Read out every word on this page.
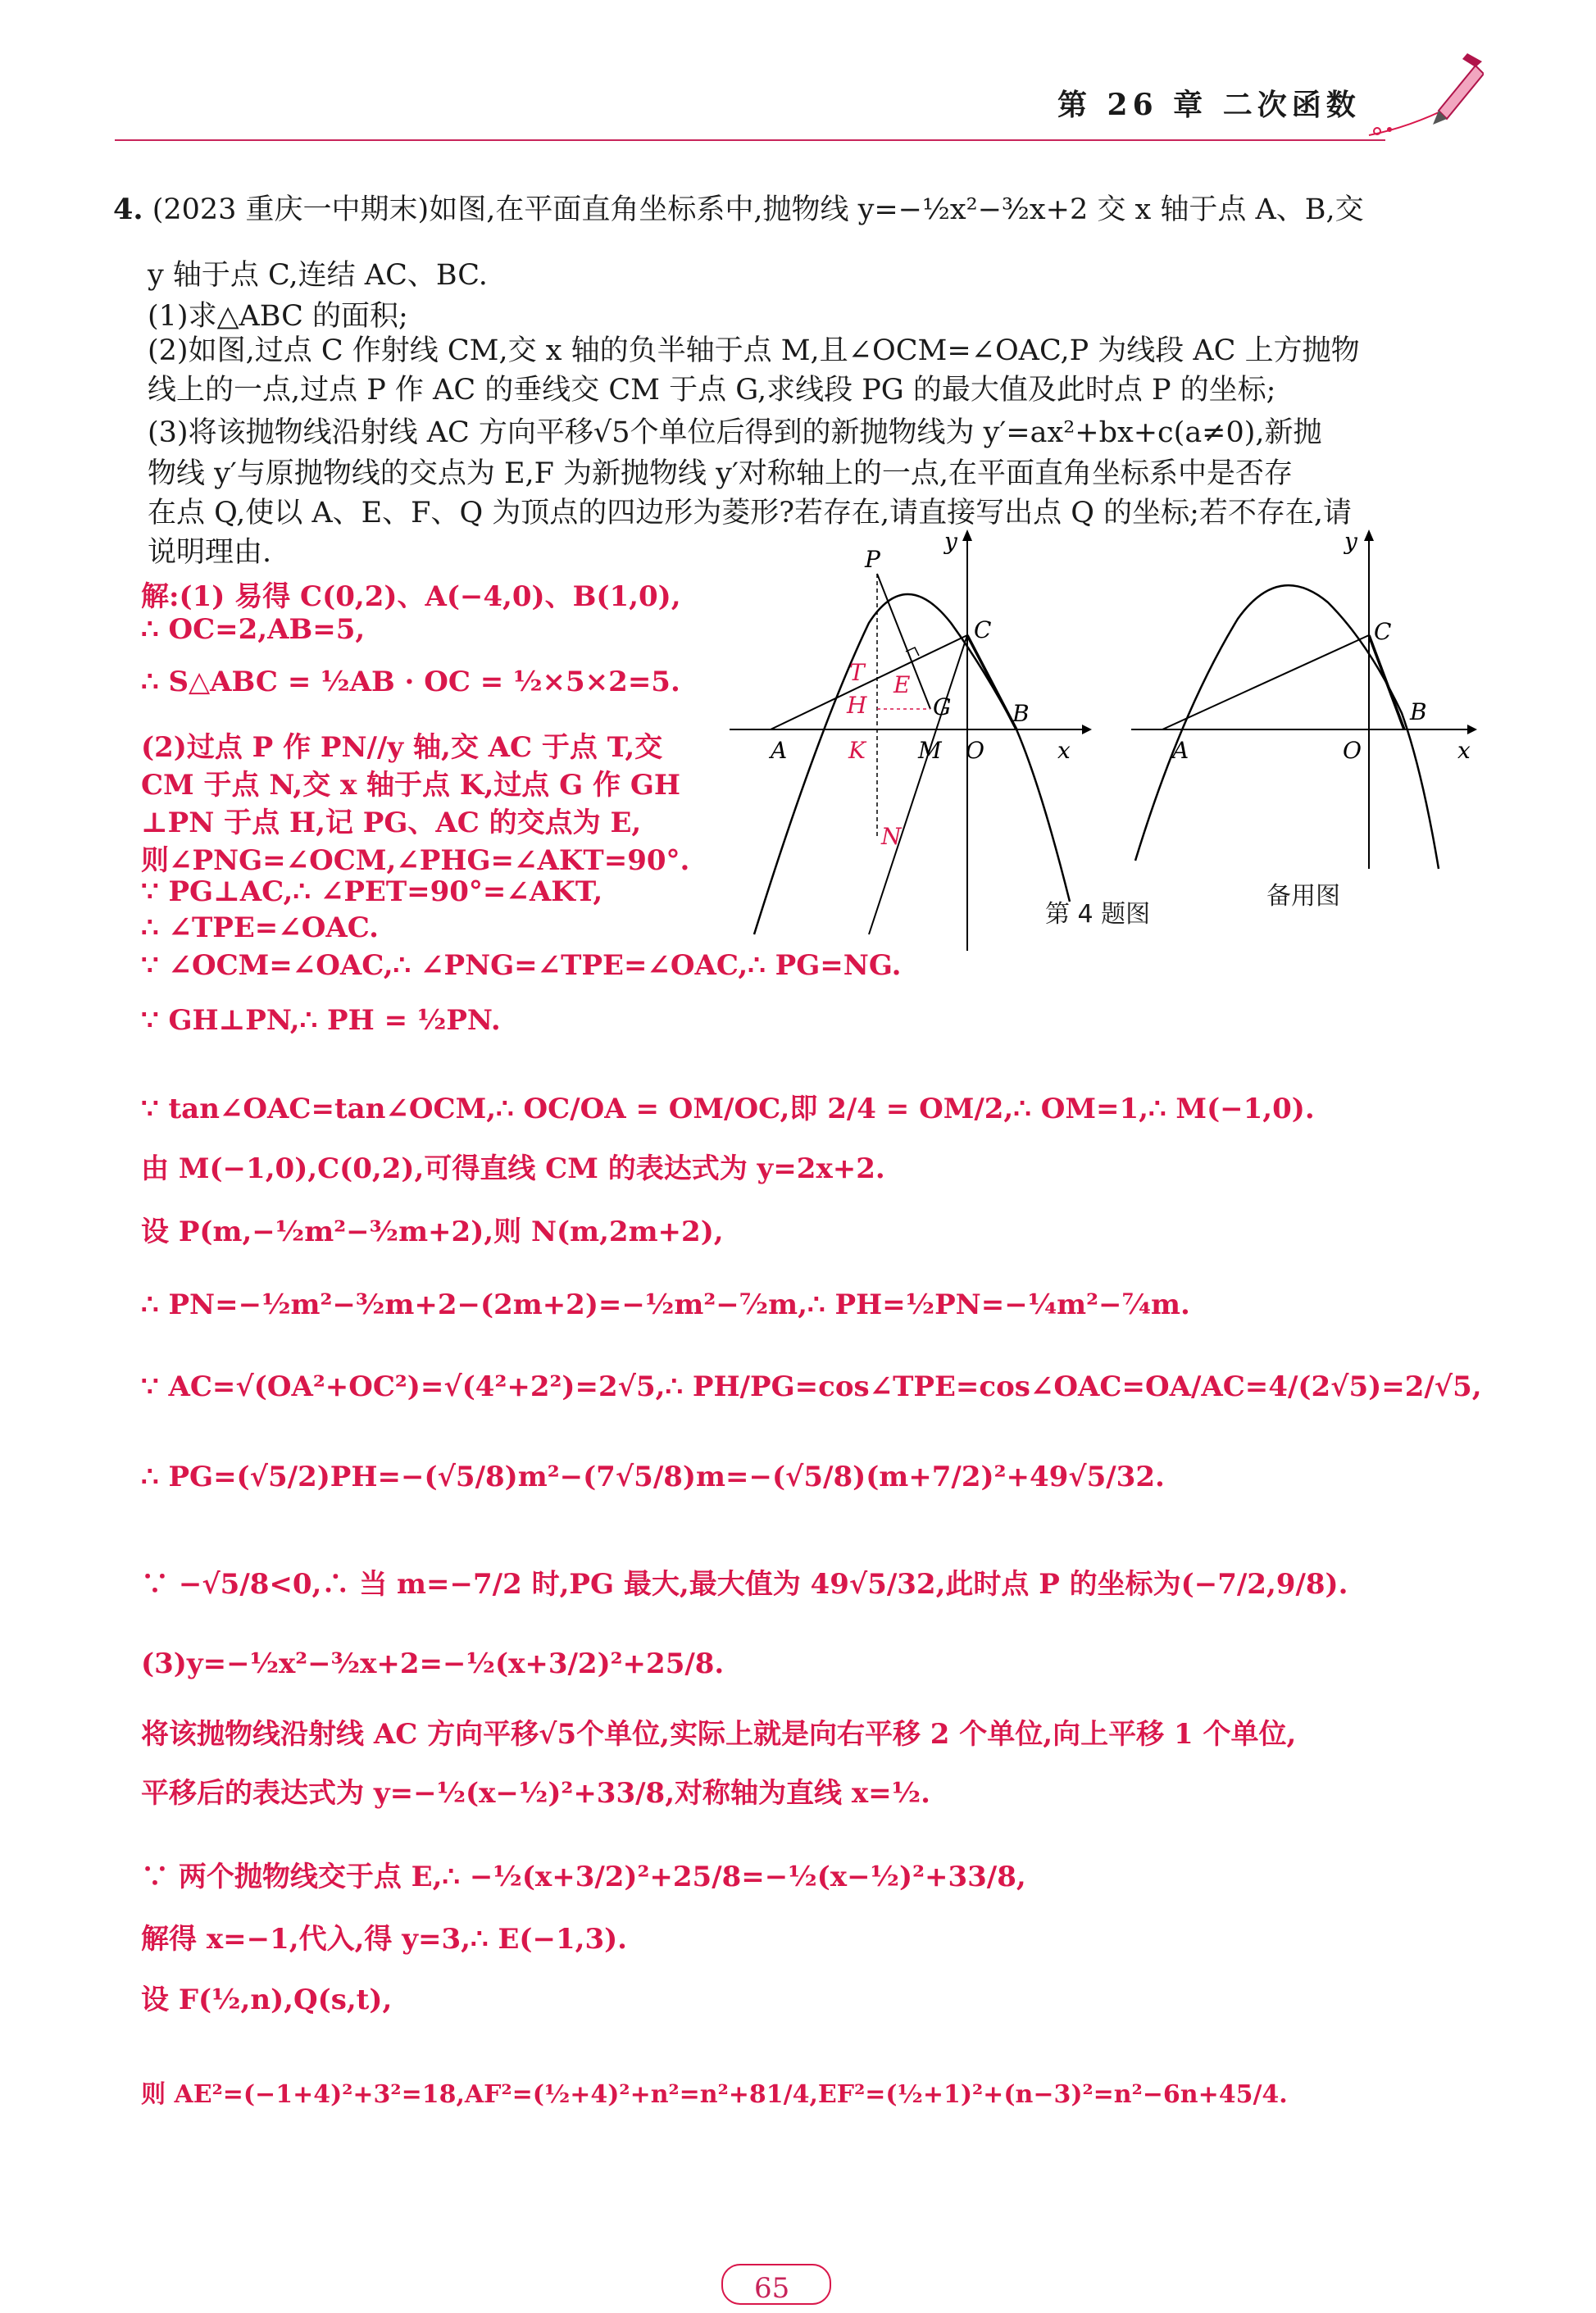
第 26 章 二次函数
4. (2023 重庆一中期末)如图,在平面直角坐标系中,抛物线 y=−½x²−³⁄₂x+2 交 x 轴于点 A、B,交
y 轴于点 C,连结 AC、BC.
(1)求△ABC 的面积;
(2)如图,过点 C 作射线 CM,交 x 轴的负半轴于点 M,且∠OCM=∠OAC,P 为线段 AC 上方抛物
线上的一点,过点 P 作 AC 的垂线交 CM 于点 G,求线段 PG 的最大值及此时点 P 的坐标;
(3)将该抛物线沿射线 AC 方向平移√5个单位后得到的新抛物线为 y′=ax²+bx+c(a≠0),新抛
物线 y′与原抛物线的交点为 E,F 为新抛物线 y′对称轴上的一点,在平面直角坐标系中是否存
在点 Q,使以 A、E、F、Q 为顶点的四边形为菱形?若存在,请直接写出点 Q 的坐标;若不存在,请
说明理由.
解:(1) 易得 C(0,2)、A(−4,0)、B(1,0),
∴ OC=2,AB=5,
∴ S△ABC = ½AB · OC = ½×5×2=5.
(2)过点 P 作 PN//y 轴,交 AC 于点 T,交
CM 于点 N,交 x 轴于点 K,过点 G 作 GH
⊥PN 于点 H,记 PG、AC 的交点为 E,
则∠PNG=∠OCM,∠PHG=∠AKT=90°.
∵ PG⊥AC,∴ ∠PET=90°=∠AKT,
∴ ∠TPE=∠OAC.
∵ ∠OCM=∠OAC,∴ ∠PNG=∠TPE=∠OAC,∴ PG=NG.
∵ GH⊥PN,∴ PH = ½PN.
∵ tan∠OAC=tan∠OCM,∴ OC/OA = OM/OC,即 2/4 = OM/2,∴ OM=1,∴ M(−1,0).
由 M(−1,0),C(0,2),可得直线 CM 的表达式为 y=2x+2.
设 P(m,−½m²−³⁄₂m+2),则 N(m,2m+2),
∴ PN=−½m²−³⁄₂m+2−(2m+2)=−½m²−⁷⁄₂m,∴ PH=½PN=−¼m²−⁷⁄₄m.
∵ AC=√(OA²+OC²)=√(4²+2²)=2√5,∴ PH/PG=cos∠TPE=cos∠OAC=OA/AC=4/(2√5)=2/√5,
∴ PG=(√5/2)PH=−(√5/8)m²−(7√5/8)m=−(√5/8)(m+7/2)²+49√5/32.
∵ −√5/8<0,∴ 当 m=−7/2 时,PG 最大,最大值为 49√5/32,此时点 P 的坐标为(−7/2,9/8).
(3)y=−½x²−³⁄₂x+2=−½(x+3/2)²+25/8.
将该抛物线沿射线 AC 方向平移√5个单位,实际上就是向右平移 2 个单位,向上平移 1 个单位,
平移后的表达式为 y=−½(x−½)²+33/8,对称轴为直线 x=½.
∵ 两个抛物线交于点 E,∴ −½(x+3/2)²+25/8=−½(x−½)²+33/8,
解得 x=−1,代入,得 y=3,∴ E(−1,3).
设 F(½,n),Q(s,t),
则 AE²=(−1+4)²+3²=18,AF²=(½+4)²+n²=n²+81/4,EF²=(½+1)²+(n−3)²=n²−6n+45/4.
P
C
T E
H	G
A	K M O
B
x
y
N
第 4 题图
y
C
A	O
B
x
备用图
65
